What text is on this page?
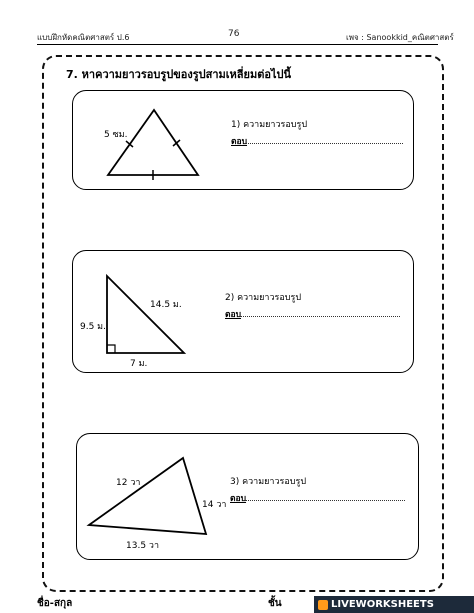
แบบฝึกหัดคณิตศาสตร์ ป.6	76	เพจ : Sanookkid_คณิตศาสตร์
7. หาความยาวรอบรูปของรูปสามเหลี่ยมต่อไปนี้
5 ซม.
1) ความยาวรอบรูป
ตอบ
14.5 ม.
9.5 ม.
7 ม.
2) ความยาวรอบรูป
ตอบ
12 วา
14 วา
13.5 วา
3) ความยาวรอบรูป
ตอบ
ชื่อ-สกุล	ชั้น	LIVEWORKSHEETS
